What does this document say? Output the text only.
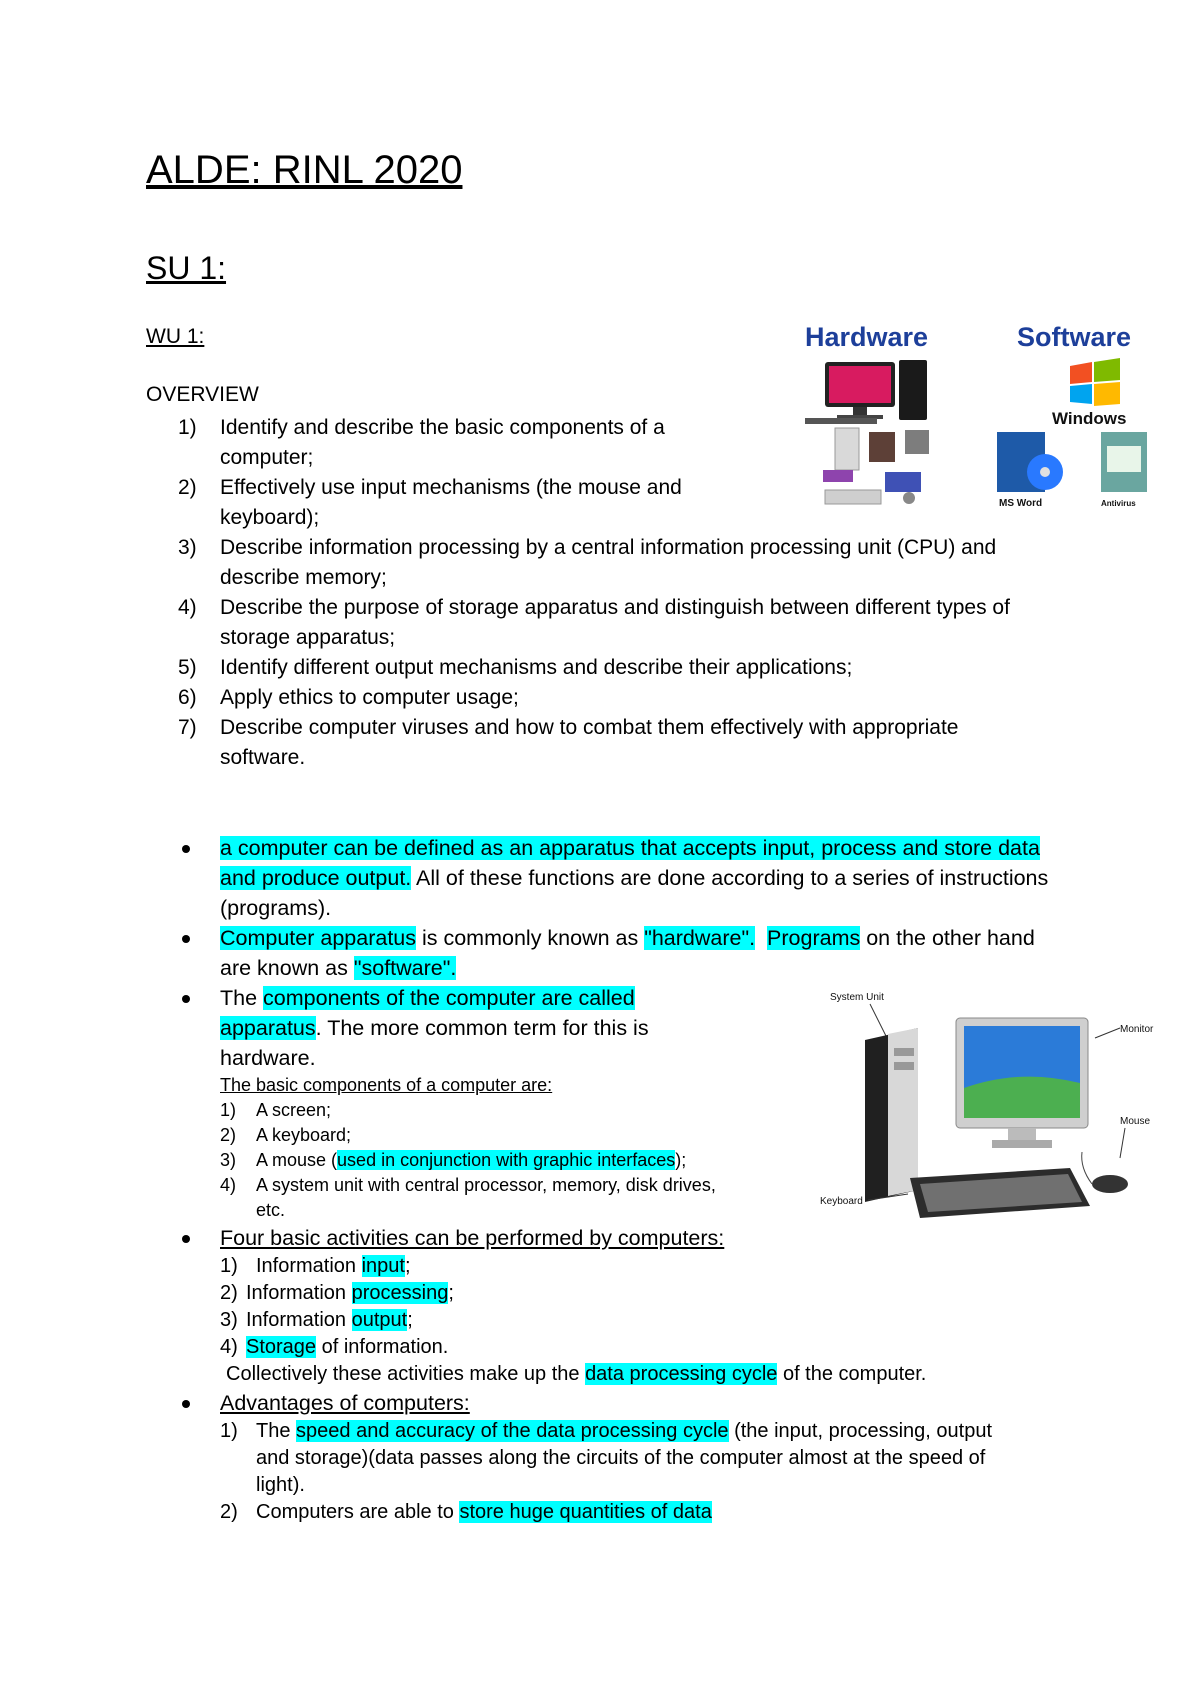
ALDE: RINL 2020
SU 1:
WU 1:
OVERVIEW
1) Identify and describe the basic components of a computer;
2) Effectively use input mechanisms (the mouse and keyboard);
3) Describe information processing by a central information processing unit (CPU) and describe memory;
4) Describe the purpose of storage apparatus and distinguish between different types of storage apparatus;
5) Identify different output mechanisms and describe their applications;
6) Apply ethics to computer usage;
7) Describe computer viruses and how to combat them effectively with appropriate software.
Hardware	Software
Windows
MS Word	Antivirus
a computer can be defined as an apparatus that accepts input, process and store data and produce output. All of these functions are done according to a series of instructions (programs).
Computer apparatus is commonly known as "hardware". Programs on the other hand are known as "software".
The components of the computer are called apparatus. The more common term for this is hardware.
The basic components of a computer are:
1) A screen;
2) A keyboard;
3) A mouse (used in conjunction with graphic interfaces);
4) A system unit with central processor, memory, disk drives, etc.
Four basic activities can be performed by computers:
1) Information input;
2) Information processing;
3) Information output;
4) Storage of information.
Collectively these activities make up the data processing cycle of the computer.
Advantages of computers:
1) The speed and accuracy of the data processing cycle (the input, processing, output and storage)(data passes along the circuits of the computer almost at the speed of light).
2) Computers are able to store huge quantities of data
System Unit
Monitor
Keyboard
Mouse
